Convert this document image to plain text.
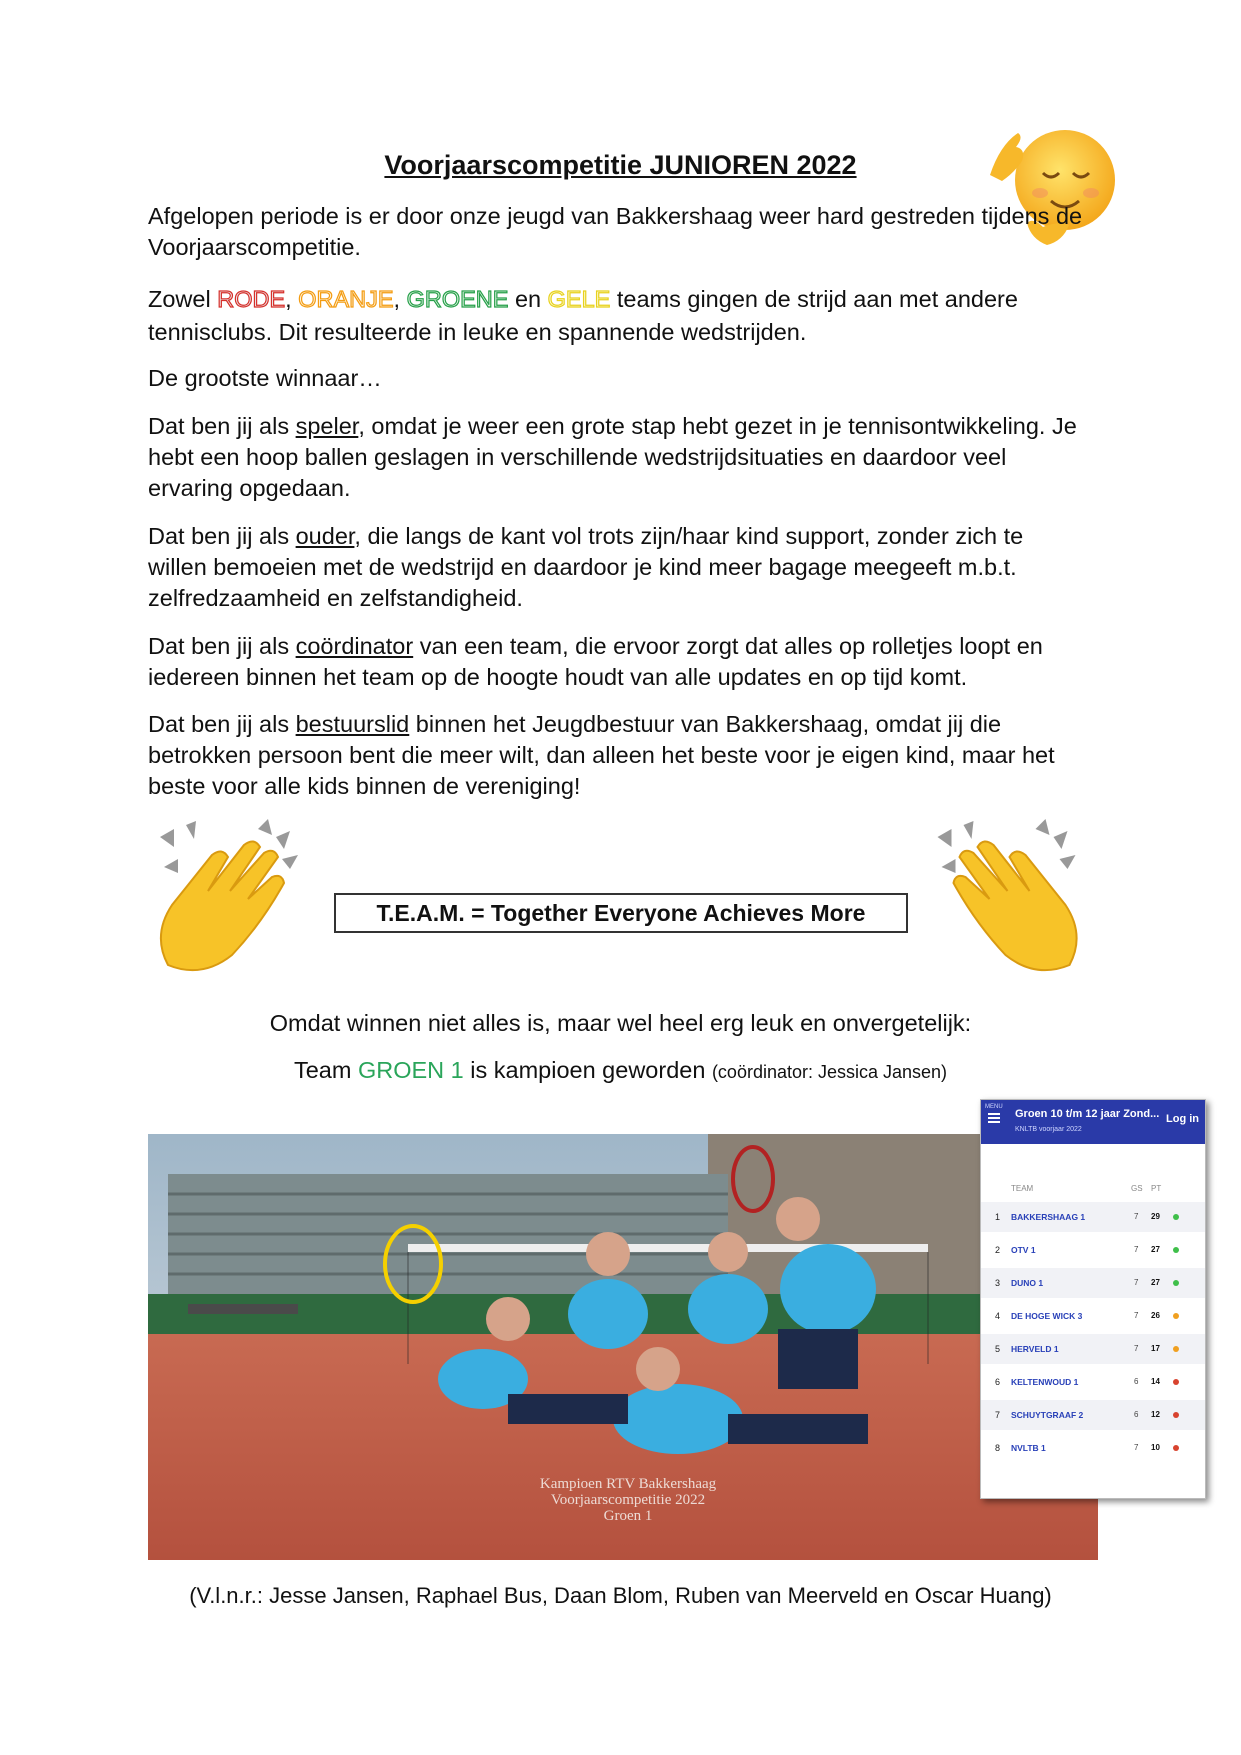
Voorjaarscompetitie JUNIOREN 2022
Afgelopen periode is er door onze jeugd van Bakkershaag weer hard gestreden tijdens de Voorjaarscompetitie.
Zowel RODE, ORANJE, GROENE en GELE teams gingen de strijd aan met andere tennisclubs. Dit resulteerde in leuke en spannende wedstrijden.
De grootste winnaar…
Dat ben jij als speler, omdat je weer een grote stap hebt gezet in je tennisontwikkeling. Je hebt een hoop ballen geslagen in verschillende wedstrijdsituaties en daardoor veel ervaring opgedaan.
Dat ben jij als ouder, die langs de kant vol trots zijn/haar kind support, zonder zich te willen bemoeien met de wedstrijd en daardoor je kind meer bagage meegeeft m.b.t. zelfredzaamheid en zelfstandigheid.
Dat ben jij als coördinator van een team, die ervoor zorgt dat alles op rolletjes loopt en iedereen binnen het team op de hoogte houdt van alle updates en op tijd komt.
Dat ben jij als bestuurslid binnen het Jeugdbestuur van Bakkershaag, omdat jij die betrokken persoon bent die meer wilt, dan alleen het beste voor je eigen kind, maar het beste voor alle kids binnen de vereniging!
T.E.A.M. = Together Everyone Achieves More
Omdat winnen niet alles is, maar wel heel erg leuk en onvergetelijk:
Team GROEN 1 is kampioen geworden (coördinator: Jessica Jansen)
Kampioen RTV Bakkershaag
Voorjaarscompetitie 2022
Groen 1
MENU
Groen 10 t/m 12 jaar Zond...
KNLTB voorjaar 2022
Log in
TEAM	GS PT
1 BAKKERSHAAG 1	7 29
2 OTV 1	7 27
3 DUNO 1	7 27
4 DE HOGE WICK 3	7 26
5 HERVELD 1	7 17
6 KELTENWOUD 1	6 14
7 SCHUYTGRAAF 2	6 12
8 NVLTB 1	7 10
(V.l.n.r.: Jesse Jansen, Raphael Bus, Daan Blom, Ruben van Meerveld en Oscar Huang)
